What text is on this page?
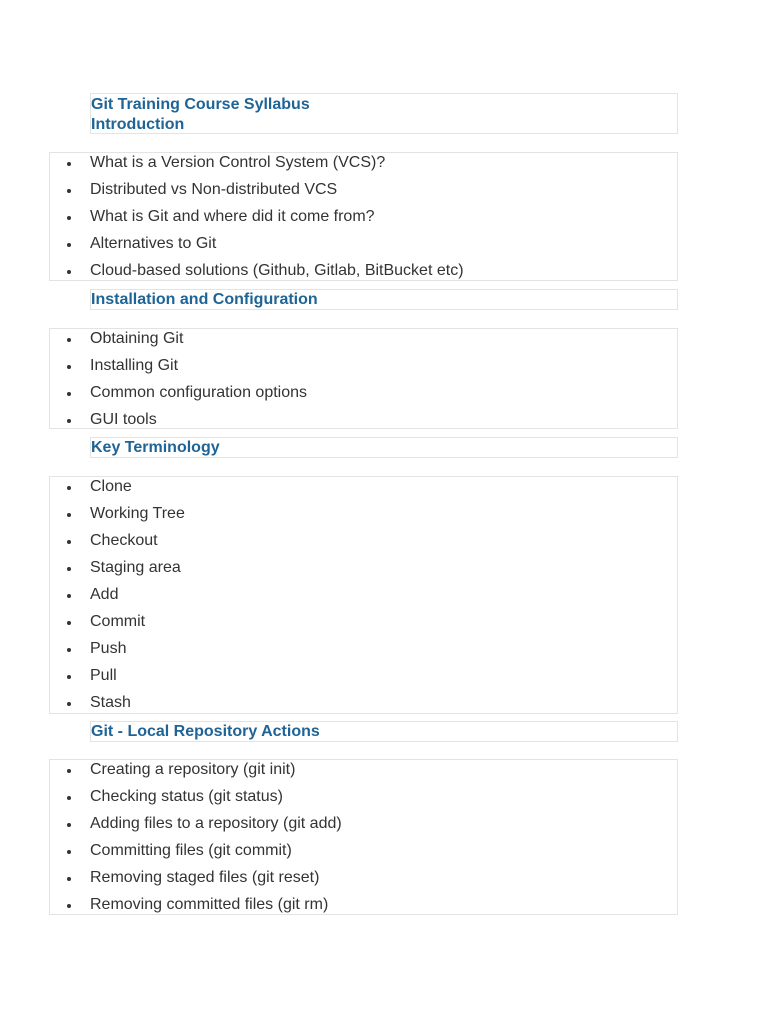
Git Training Course Syllabus
Introduction
What is a Version Control System (VCS)?
Distributed vs Non-distributed VCS
What is Git and where did it come from?
Alternatives to Git
Cloud-based solutions (Github, Gitlab, BitBucket etc)
Installation and Configuration
Obtaining Git
Installing Git
Common configuration options
GUI tools
Key Terminology
Clone
Working Tree
Checkout
Staging area
Add
Commit
Push
Pull
Stash
Git - Local Repository Actions
Creating a repository (git init)
Checking status (git status)
Adding files to a repository (git add)
Committing files (git commit)
Removing staged files (git reset)
Removing committed files (git rm)
